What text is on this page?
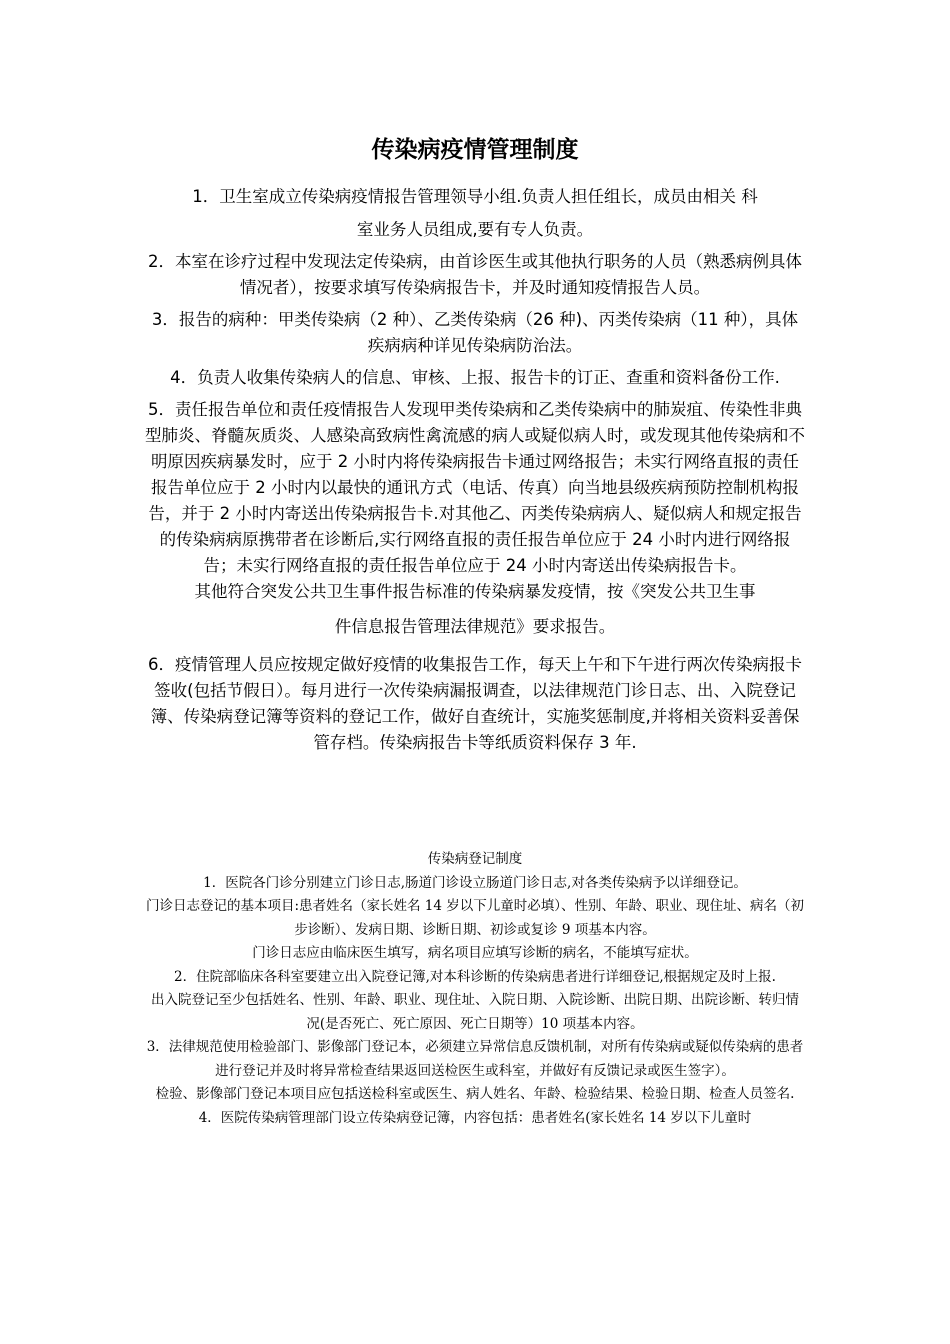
传染病疫情管理制度

1．卫生室成立传染病疫情报告管理领导小组.负责人担任组长，成员由相关 科
室业务人员组成,要有专人负责。

2．本室在诊疗过程中发现法定传染病，由首诊医生或其他执行职务的人员（熟悉病例具体情况者），按要求填写传染病报告卡，并及时通知疫情报告人员。

3．报告的病种：甲类传染病（2 种）、乙类传染病（26 种)、丙类传染病（11 种），具体疾病病种详见传染病防治法。

4．负责人收集传染病人的信息、审核、上报、报告卡的订正、查重和资料备份工作.

5．责任报告单位和责任疫情报告人发现甲类传染病和乙类传染病中的肺炭疽、传染性非典型肺炎、脊髓灰质炎、人感染高致病性禽流感的病人或疑似病人时，或发现其他传染病和不明原因疾病暴发时，应于 2 小时内将传染病报告卡通过网络报告；未实行网络直报的责任报告单位应于 2 小时内以最快的通讯方式（电话、传真）向当地县级疾病预防控制机构报告，并于 2 小时内寄送出传染病报告卡.对其他乙、丙类传染病病人、疑似病人和规定报告的传染病病原携带者在诊断后,实行网络直报的责任报告单位应于 24 小时内进行网络报告；未实行网络直报的责任报告单位应于 24 小时内寄送出传染病报告卡。

其他符合突发公共卫生事件报告标准的传染病暴发疫情，按《突发公共卫生事
件信息报告管理法律规范》要求报告。

6．疫情管理人员应按规定做好疫情的收集报告工作，每天上午和下午进行两次传染病报卡签收(包括节假日）。每月进行一次传染病漏报调查，以法律规范门诊日志、出、入院登记簿、传染病登记簿等资料的登记工作，做好自查统计，实施奖惩制度,并将相关资料妥善保管存档。传染病报告卡等纸质资料保存 3 年.

传染病登记制度

1．医院各门诊分别建立门诊日志,肠道门诊设立肠道门诊日志,对各类传染病予以详细登记。

门诊日志登记的基本项目:患者姓名（家长姓名 14 岁以下儿童时必填）、性别、年龄、职业、现住址、病名（初步诊断）、发病日期、诊断日期、初诊或复诊 9 项基本内容。

门诊日志应由临床医生填写，病名项目应填写诊断的病名，不能填写症状。

2．住院部临床各科室要建立出入院登记簿,对本科诊断的传染病患者进行详细登记,根据规定及时上报.

出入院登记至少包括姓名、性别、年龄、职业、现住址、入院日期、入院诊断、出院日期、出院诊断、转归情况(是否死亡、死亡原因、死亡日期等）10 项基本内容。

3．法律规范使用检验部门、影像部门登记本，必须建立异常信息反馈机制，对所有传染病或疑似传染病的患者进行登记并及时将异常检查结果返回送检医生或科室，并做好有反馈记录或医生签字）。

检验、影像部门登记本项目应包括送检科室或医生、病人姓名、年龄、检验结果、检验日期、检查人员签名.

4．医院传染病管理部门设立传染病登记簿，内容包括：患者姓名(家长姓名 14 岁以下儿童时
